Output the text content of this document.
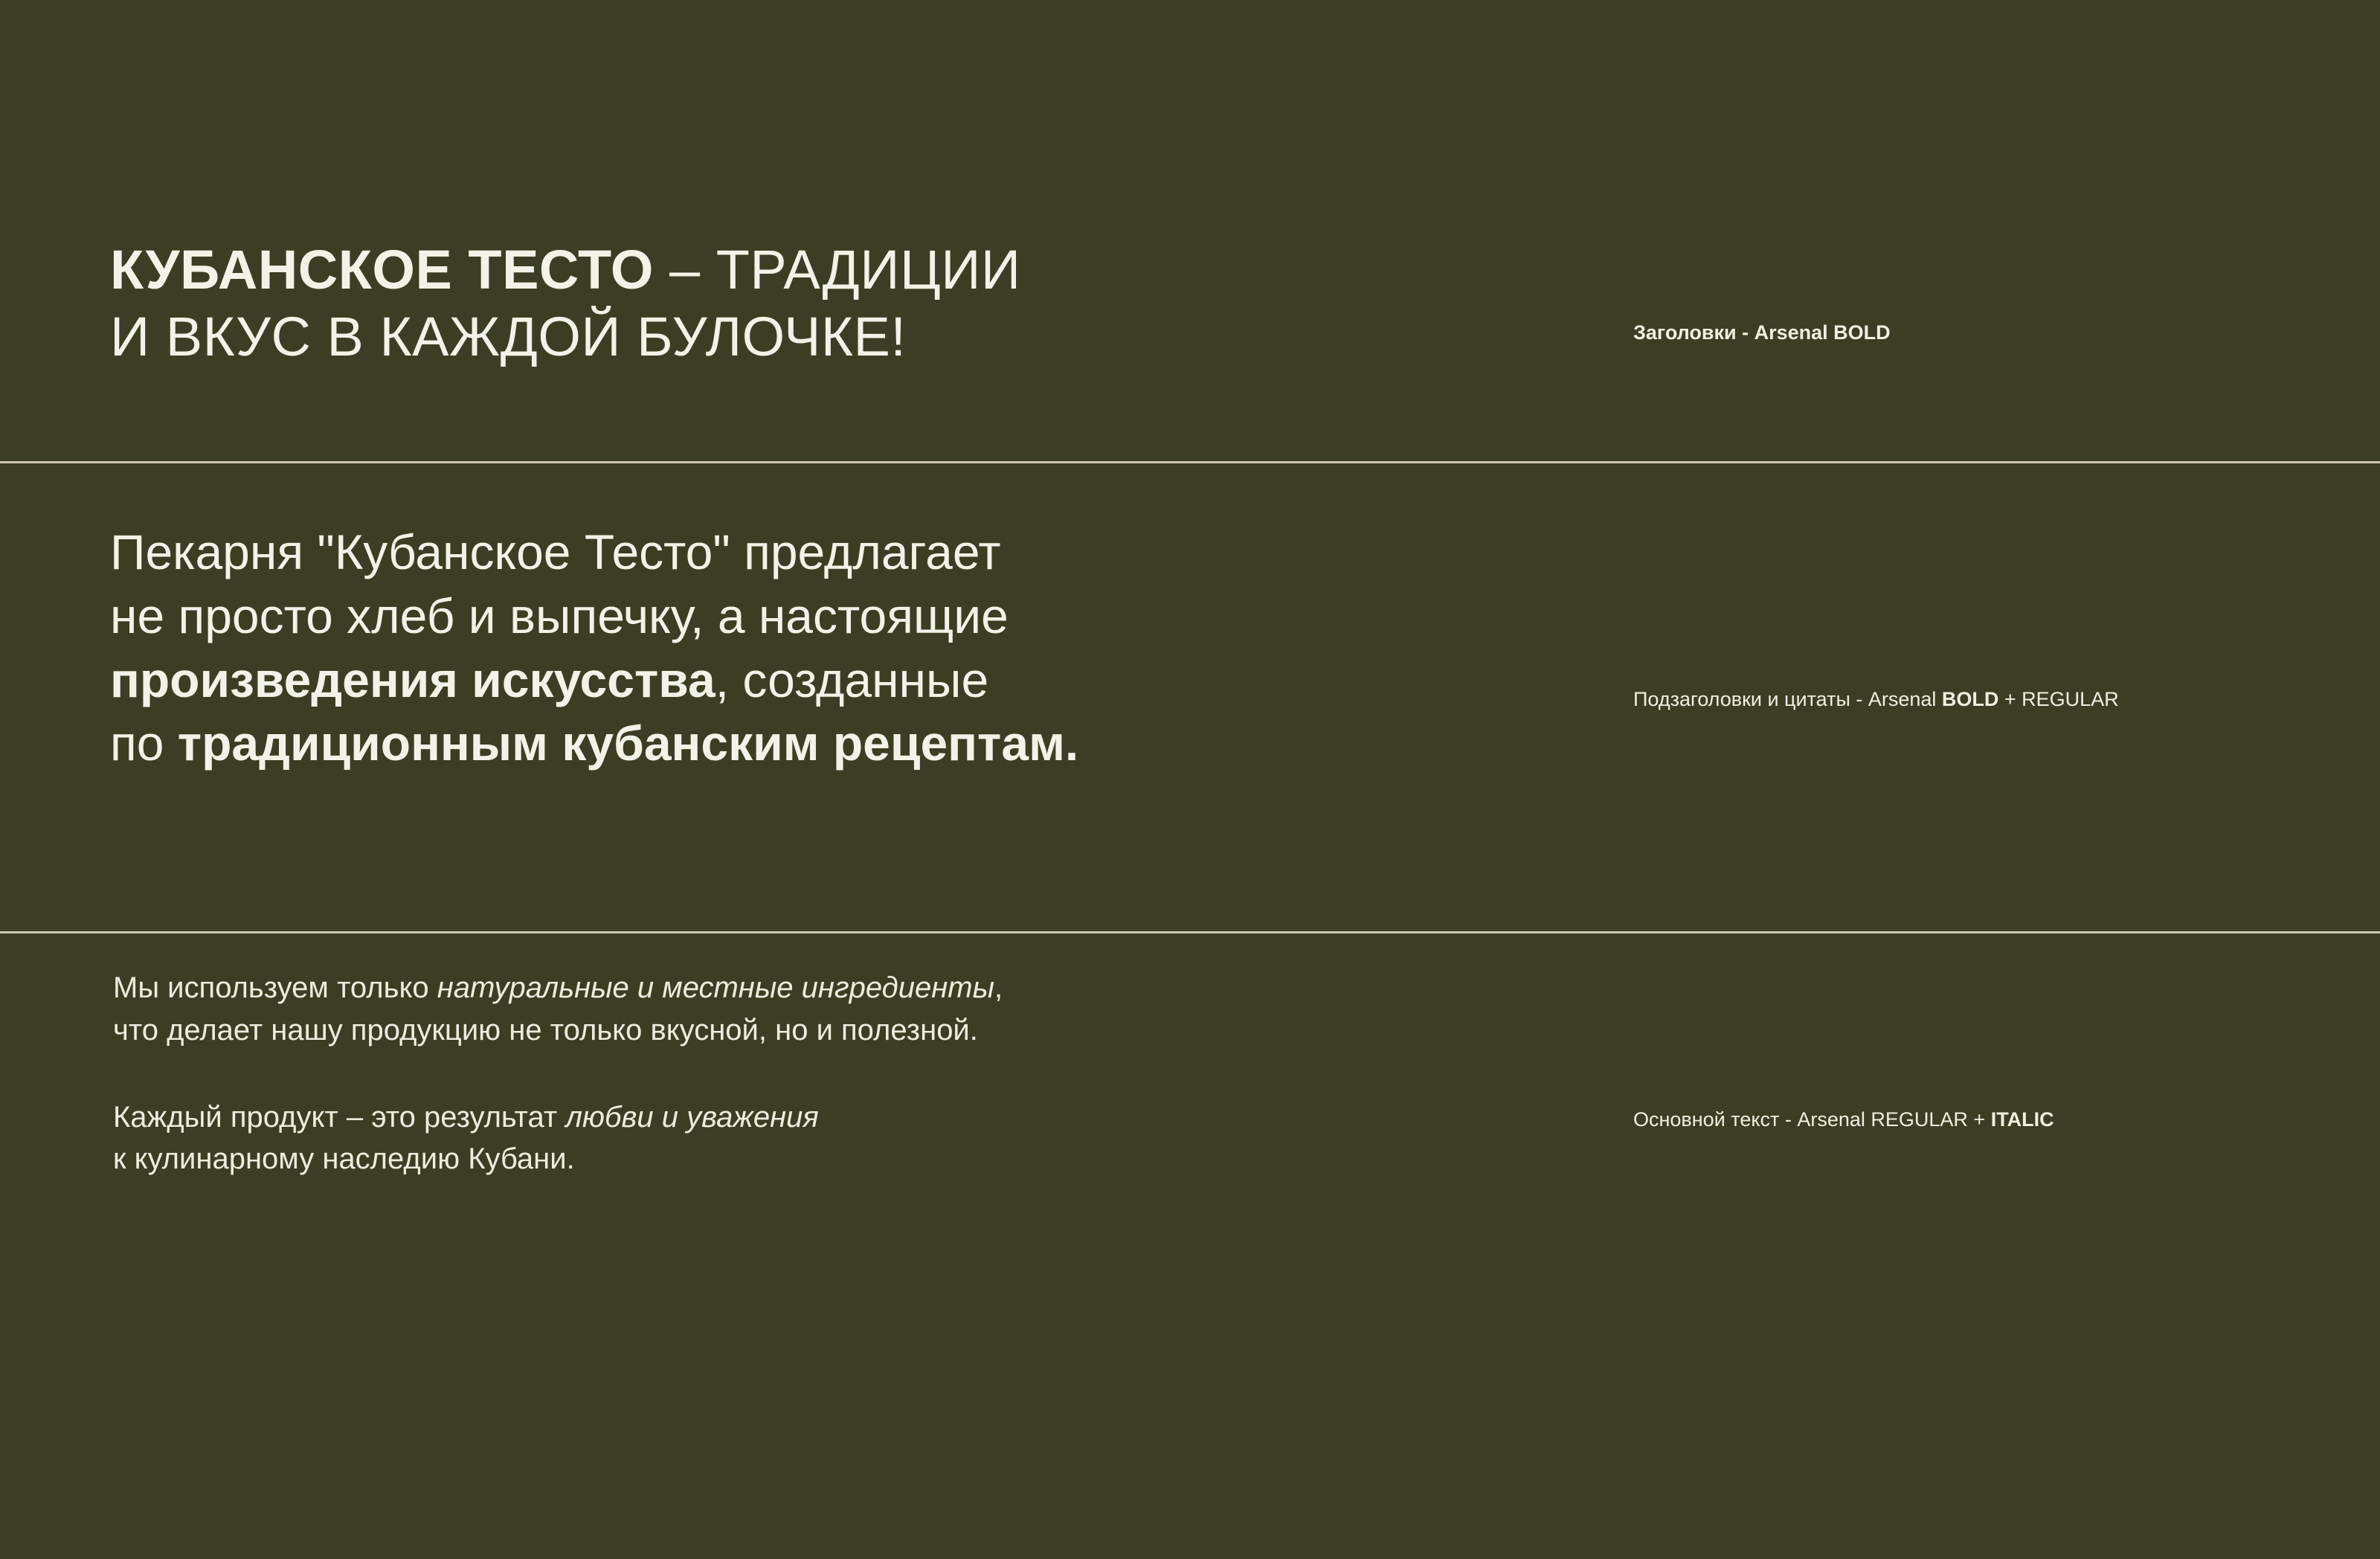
КУБАНСКОЕ ТЕСТО – ТРАДИЦИИ
И ВКУС В КАЖДОЙ БУЛОЧКЕ!
Пекарня "Кубанское Тесто" предлагает
не просто хлеб и выпечку, а настоящие
произведения искусства, созданные
по традиционным кубанским рецептам.
Мы используем только натуральные и местные ингредиенты,
что делает нашу продукцию не только вкусной, но и полезной.
Каждый продукт – это результат любви и уважения
к кулинарному наследию Кубани.
Заголовки - Arsenal BOLD
Подзаголовки и цитаты - Arsenal BOLD + REGULAR
Основной текст - Arsenal REGULAR + ITALIC
